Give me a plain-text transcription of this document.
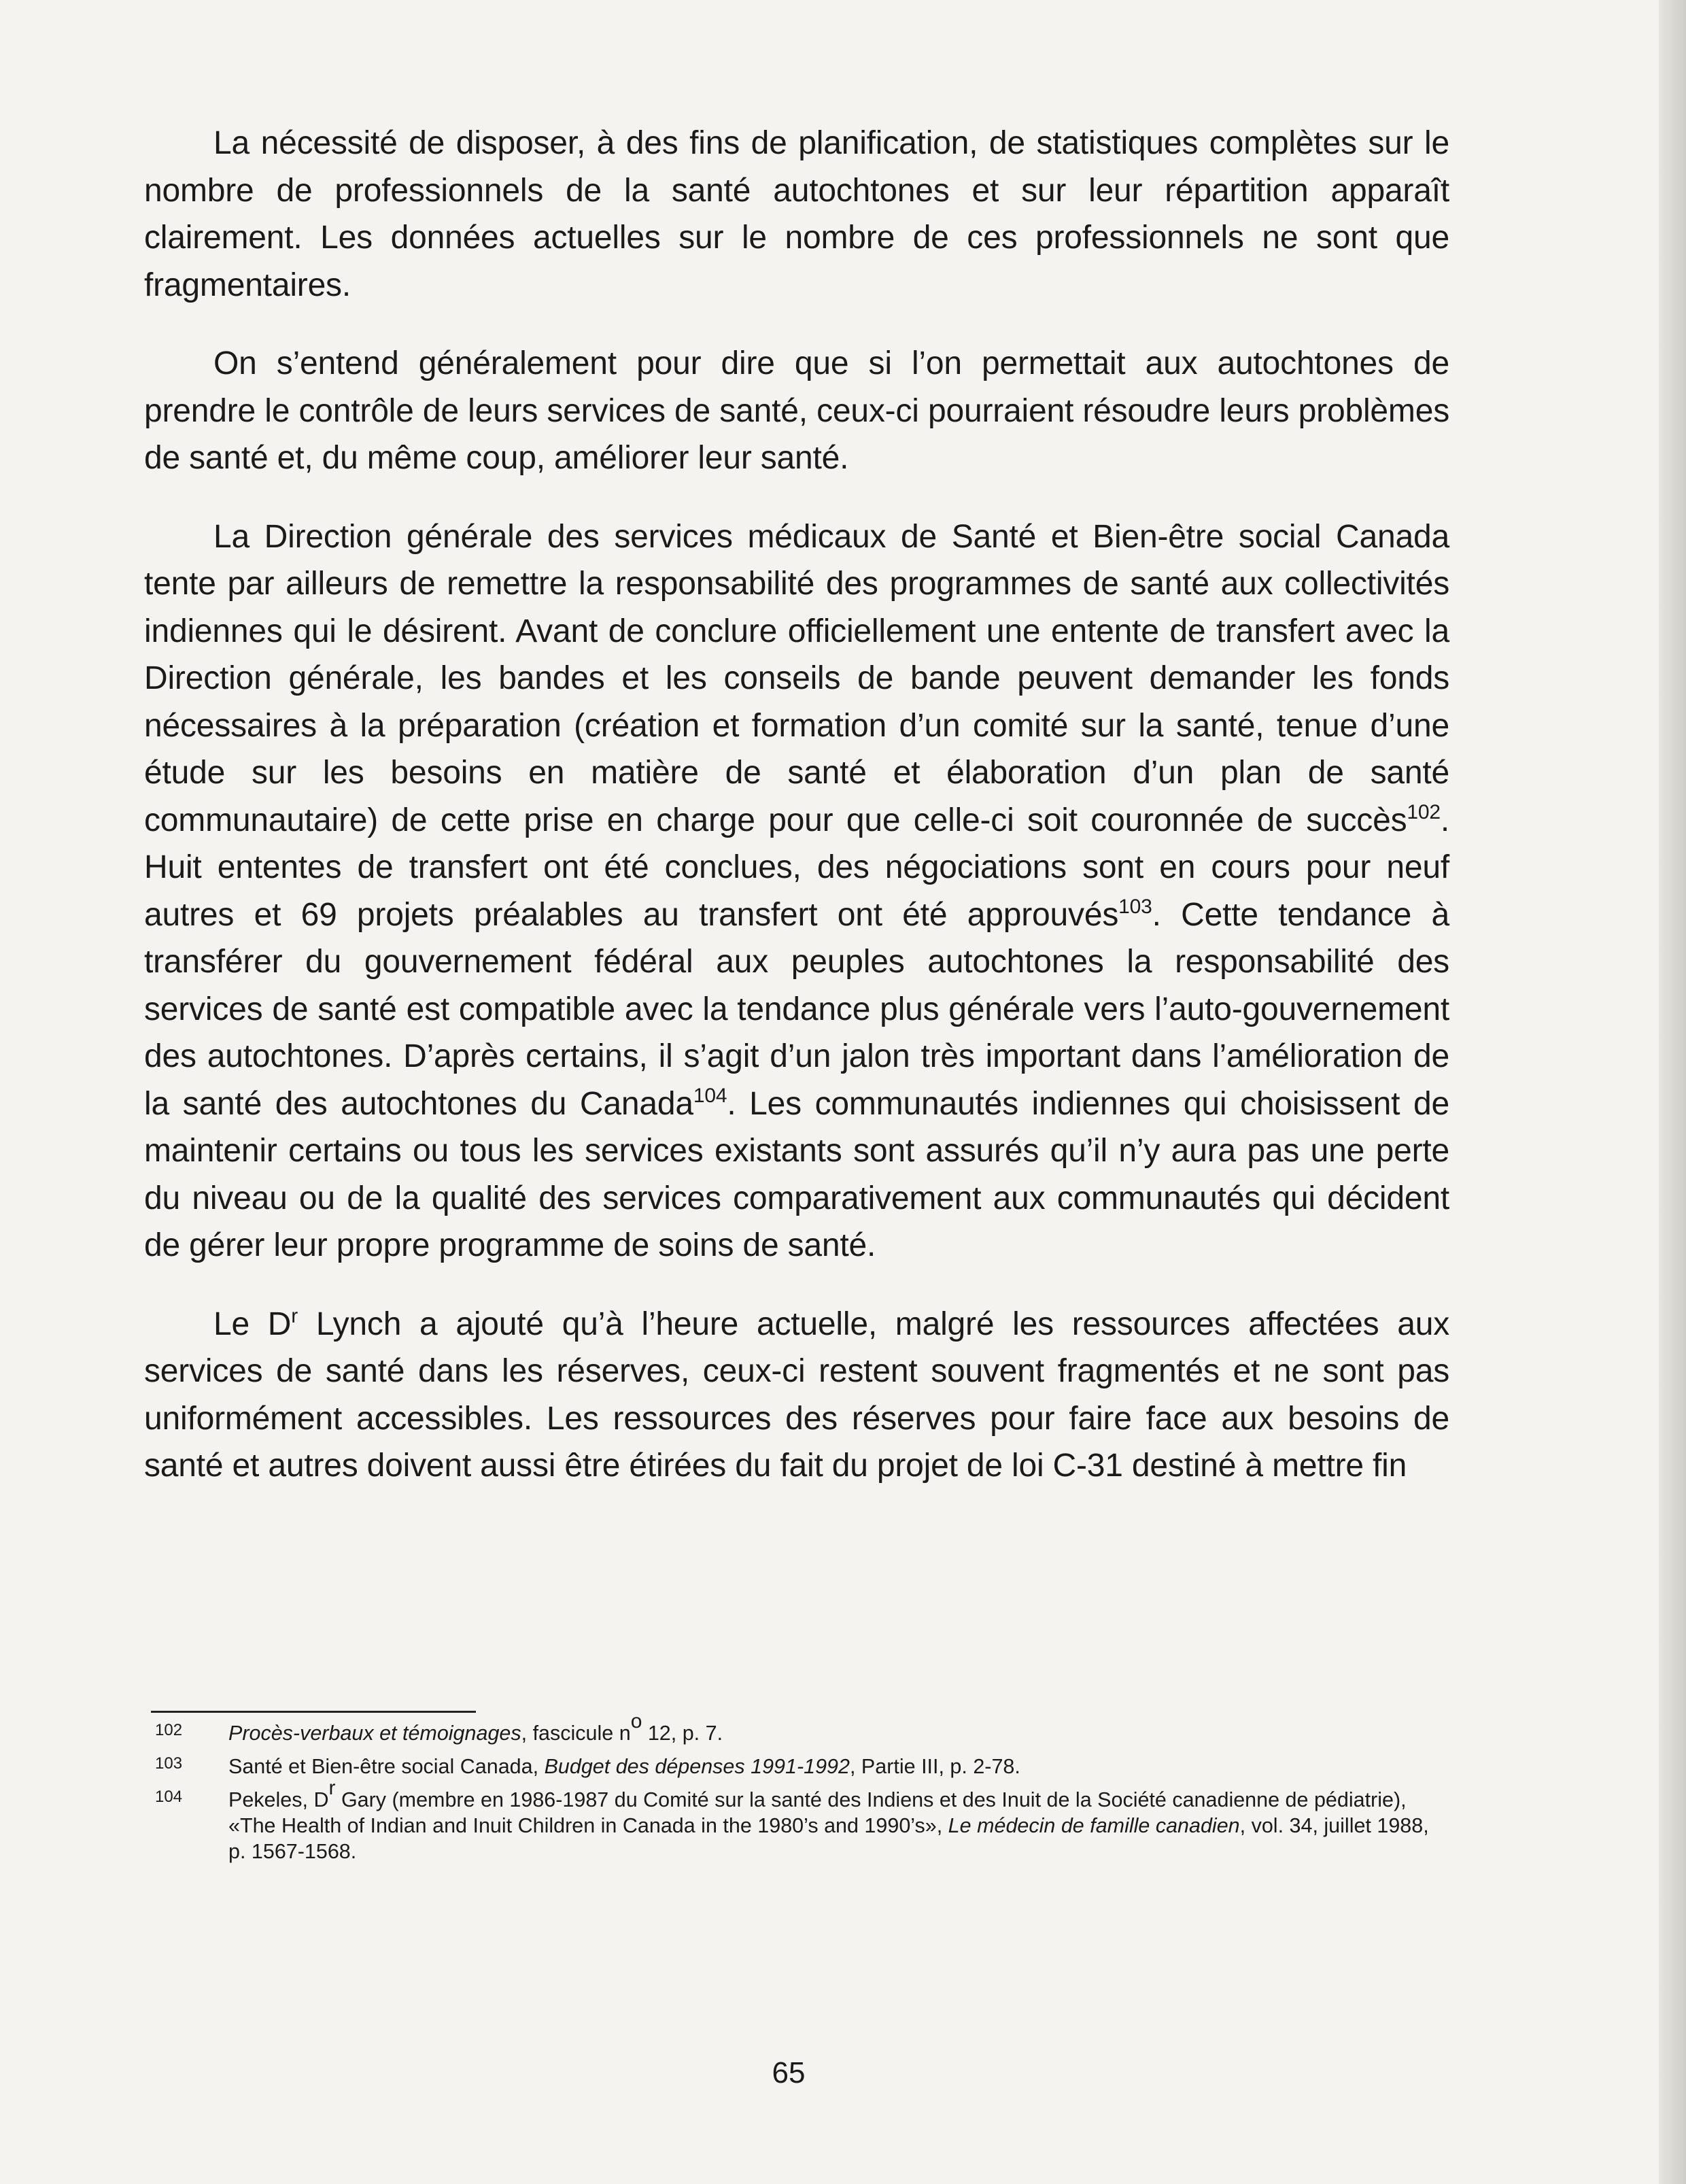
La nécessité de disposer, à des fins de planification, de statistiques complètes sur le nombre de professionnels de la santé autochtones et sur leur répartition apparaît clairement. Les données actuelles sur le nombre de ces professionnels ne sont que fragmentaires.

On s’entend généralement pour dire que si l’on permettait aux autochtones de prendre le contrôle de leurs services de santé, ceux-ci pourraient résoudre leurs problèmes de santé et, du même coup, améliorer leur santé.

La Direction générale des services médicaux de Santé et Bien-être social Canada tente par ailleurs de remettre la responsabilité des programmes de santé aux collectivités indiennes qui le désirent. Avant de conclure officiellement une entente de transfert avec la Direction générale, les bandes et les conseils de bande peuvent demander les fonds nécessaires à la préparation (création et formation d’un comité sur la santé, tenue d’une étude sur les besoins en matière de santé et élaboration d’un plan de santé communautaire) de cette prise en charge pour que celle-ci soit couronnée de succès$^{102}$. Huit ententes de transfert ont été conclues, des négociations sont en cours pour neuf autres et 69 projets préalables au transfert ont été approuvés$^{103}$. Cette tendance à transférer du gouvernement fédéral aux peuples autochtones la responsabilité des services de santé est compatible avec la tendance plus générale vers l’auto-gouvernement des autochtones. D’après certains, il s’agit d’un jalon très important dans l’amélioration de la santé des autochtones du Canada$^{104}$. Les communautés indiennes qui choisissent de maintenir certains ou tous les services existants sont assurés qu’il n’y aura pas une perte du niveau ou de la qualité des services comparativement aux communautés qui décident de gérer leur propre programme de soins de santé.

Le $D^r$ Lynch a ajouté qu’à l’heure actuelle, malgré les ressources affectées aux services de santé dans les réserves, ceux-ci restent souvent fragmentés et ne sont pas uniformément accessibles. Les ressources des réserves pour faire face aux besoins de santé et autres doivent aussi être étirées du fait du projet de loi C-31 destiné à mettre fin

102 Procès-verbaux et témoignages, fascicule $n^o$ 12, p. 7.
103 Santé et Bien-être social Canada, Budget des dépenses 1991-1992, Partie III, p. 2-78.
104 Pekeles, $D^r$ Gary (membre en 1986-1987 du Comité sur la santé des Indiens et des Inuit de la Société canadienne de pédiatrie), «The Health of Indian and Inuit Children in Canada in the 1980’s and 1990’s», Le médecin de famille canadien, vol. 34, juillet 1988, p. 1567-1568.
65
